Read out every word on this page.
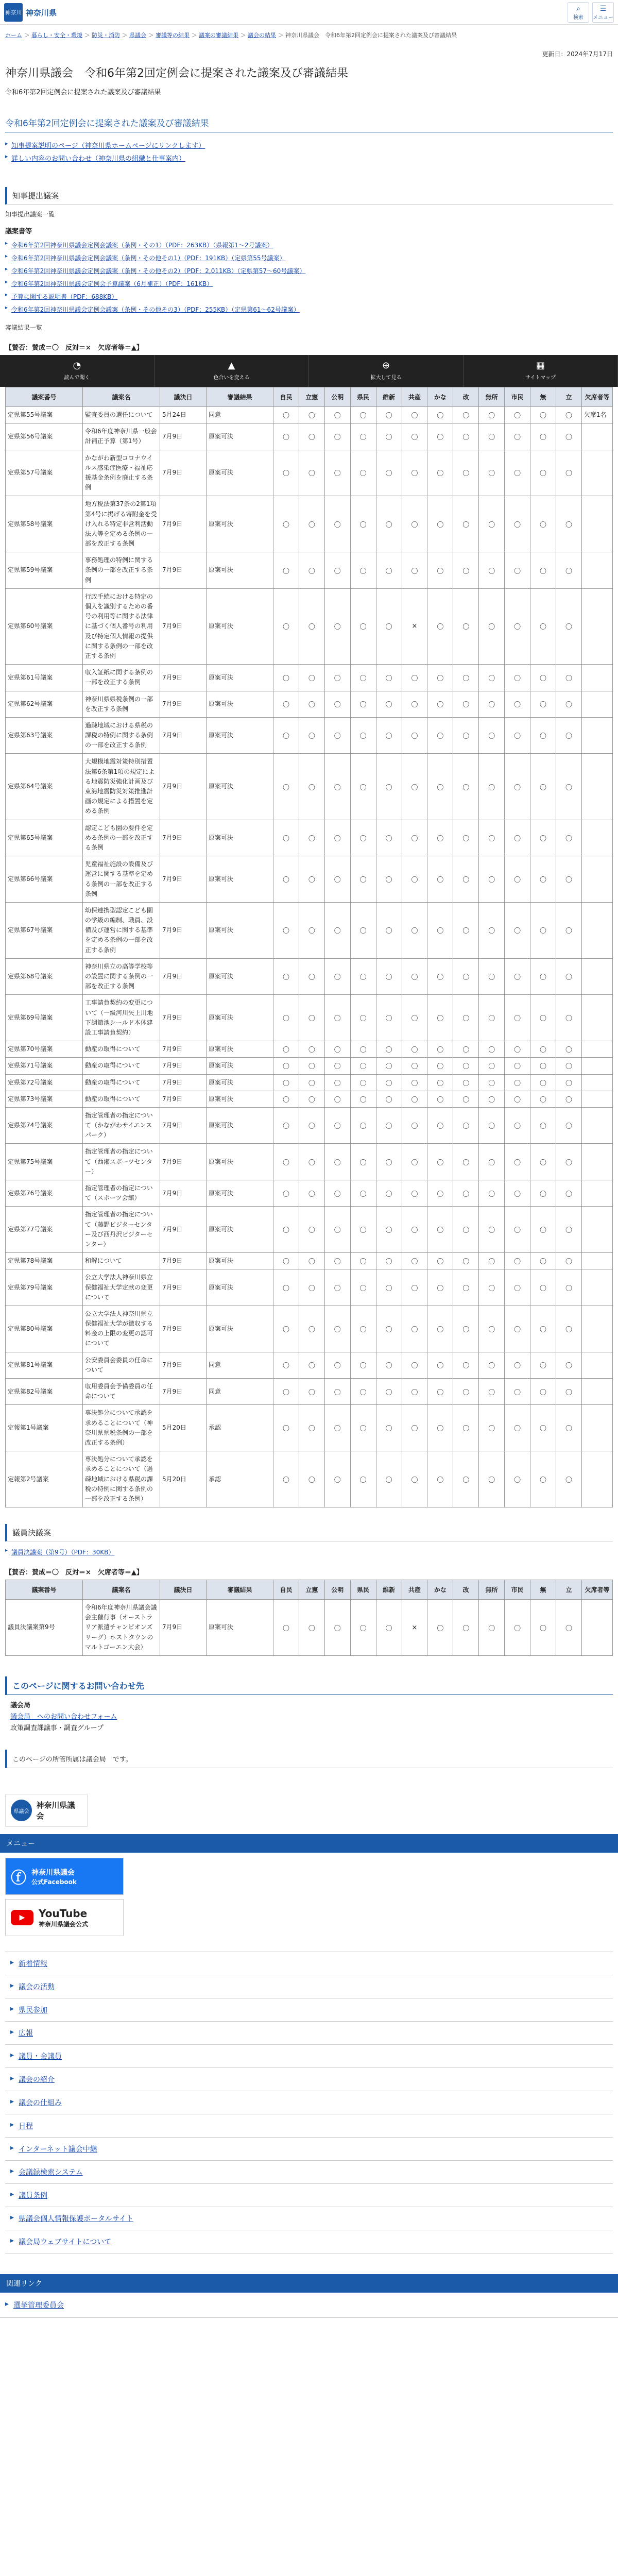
神奈川 神奈川県	⌕
検索
☰
メニュー
ホーム ＞ 暮らし・安全・環境 ＞ 防災・消防 ＞ 県議会 ＞ 審議等の結果 ＞ 議案の審議結果 ＞ 議会の結果 ＞ 神奈川県議会　令和6年第2回定例会に提案された議案及び審議結果
更新日：2024年7月17日
神奈川県議会　令和6年第2回定例会に提案された議案及び審議結果
令和6年第2回定例会に提案された議案及び審議結果
令和6年第2回定例会に提案された議案及び審議結果
▸ 知事提案説明のページ（神奈川県ホームページにリンクします）
▸ 詳しい内容のお問い合わせ（神奈川県の組織と仕事案内）
知事提出議案
知事提出議案一覧
議案書等
▸ 令和6年第2回神奈川県議会定例会議案（条例・その1）（PDF：263KB）（県報第1～2号議案）
▸ 令和6年第2回神奈川県議会定例会議案（条例・その他その1）（PDF：191KB）（定県第55号議案）
▸ 令和6年第2回神奈川県議会定例会議案（条例・その他その2）（PDF：2,011KB）（定県第57～60号議案）
▸ 令和6年第2回神奈川県議会定例会予算議案（6月補正）（PDF：161KB）
▸ 予算に関する説明書（PDF：688KB）
▸ 令和6年第2回神奈川県議会定例会議案（条例・その他その3）（PDF：255KB）（定県第61～62号議案）
審議結果一覧
【賛否：賛成＝〇　反対＝×　欠席者等＝▲】
◔
読んで聞く
▲
色合いを変える
⊕
拡大して見る
▦
サイトマップ
議案番号	議案名	議決日	審議結果	自民	立憲	公明	県民	維新	共産	かな	改	無所	市民	無	立	欠席者等
定県第55号議案	監査委員の選任について	5月24日	同意	〇	〇	〇	〇	〇	〇	〇	〇	〇	〇	〇	〇	欠席1名
定県第56号議案	令和6年度神奈川県一般会計補正予算（第1号）	7月9日	原案可決	〇	〇	〇	〇	〇	〇	〇	〇	〇	〇	〇	〇	
定県第57号議案	かながわ新型コロナウイルス感染症医療・福祉応援基金条例を廃止する条例	7月9日	原案可決	〇	〇	〇	〇	〇	〇	〇	〇	〇	〇	〇	〇	
定県第58号議案	地方税法第37条の2第1項第4号に掲げる寄附金を受け入れる特定非営利活動法人等を定める条例の一部を改正する条例	7月9日	原案可決	〇	〇	〇	〇	〇	〇	〇	〇	〇	〇	〇	〇	
定県第59号議案	事務処理の特例に関する条例の一部を改正する条例	7月9日	原案可決	〇	〇	〇	〇	〇	〇	〇	〇	〇	〇	〇	〇	
定県第60号議案	行政手続における特定の個人を識別するための番号の利用等に関する法律に基づく個人番号の利用及び特定個人情報の提供に関する条例の一部を改正する条例	7月9日	原案可決	〇	〇	〇	〇	〇	×	〇	〇	〇	〇	〇	〇	
定県第61号議案	収入証紙に関する条例の一部を改正する条例	7月9日	原案可決	〇	〇	〇	〇	〇	〇	〇	〇	〇	〇	〇	〇	
定県第62号議案	神奈川県県税条例の一部を改正する条例	7月9日	原案可決	〇	〇	〇	〇	〇	〇	〇	〇	〇	〇	〇	〇	
定県第63号議案	過疎地域における県税の課税の特例に関する条例の一部を改正する条例	7月9日	原案可決	〇	〇	〇	〇	〇	〇	〇	〇	〇	〇	〇	〇	
定県第64号議案	大規模地震対策特別措置法第6条第1項の規定による地震防災強化計画及び東海地震防災対策推進計画の規定による措置を定める条例	7月9日	原案可決	〇	〇	〇	〇	〇	〇	〇	〇	〇	〇	〇	〇	
定県第65号議案	認定こども園の要件を定める条例の一部を改正する条例	7月9日	原案可決	〇	〇	〇	〇	〇	〇	〇	〇	〇	〇	〇	〇	
定県第66号議案	児童福祉施設の設備及び運営に関する基準を定める条例の一部を改正する条例	7月9日	原案可決	〇	〇	〇	〇	〇	〇	〇	〇	〇	〇	〇	〇	
定県第67号議案	幼保連携型認定こども園の学級の編制、職員、設備及び運営に関する基準を定める条例の一部を改正する条例	7月9日	原案可決	〇	〇	〇	〇	〇	〇	〇	〇	〇	〇	〇	〇	
定県第68号議案	神奈川県立の高等学校等の設置に関する条例の一部を改正する条例	7月9日	原案可決	〇	〇	〇	〇	〇	〇	〇	〇	〇	〇	〇	〇	
定県第69号議案	工事請負契約の変更について（一級河川矢上川地下調節池シールド本体建設工事請負契約）	7月9日	原案可決	〇	〇	〇	〇	〇	〇	〇	〇	〇	〇	〇	〇	
定県第70号議案	動産の取得について	7月9日	原案可決	〇	〇	〇	〇	〇	〇	〇	〇	〇	〇	〇	〇	
定県第71号議案	動産の取得について	7月9日	原案可決	〇	〇	〇	〇	〇	〇	〇	〇	〇	〇	〇	〇	
定県第72号議案	動産の取得について	7月9日	原案可決	〇	〇	〇	〇	〇	〇	〇	〇	〇	〇	〇	〇	
定県第73号議案	動産の取得について	7月9日	原案可決	〇	〇	〇	〇	〇	〇	〇	〇	〇	〇	〇	〇	
定県第74号議案	指定管理者の指定について（かながわサイエンスパーク）	7月9日	原案可決	〇	〇	〇	〇	〇	〇	〇	〇	〇	〇	〇	〇	
定県第75号議案	指定管理者の指定について（西湘スポーツセンター）	7月9日	原案可決	〇	〇	〇	〇	〇	〇	〇	〇	〇	〇	〇	〇	
定県第76号議案	指定管理者の指定について（スポーツ会館）	7月9日	原案可決	〇	〇	〇	〇	〇	〇	〇	〇	〇	〇	〇	〇	
定県第77号議案	指定管理者の指定について（藤野ビジターセンター及び西丹沢ビジターセンター）	7月9日	原案可決	〇	〇	〇	〇	〇	〇	〇	〇	〇	〇	〇	〇	
定県第78号議案	和解について	7月9日	原案可決	〇	〇	〇	〇	〇	〇	〇	〇	〇	〇	〇	〇	
定県第79号議案	公立大学法人神奈川県立保健福祉大学定款の変更について	7月9日	原案可決	〇	〇	〇	〇	〇	〇	〇	〇	〇	〇	〇	〇	
定県第80号議案	公立大学法人神奈川県立保健福祉大学が徴収する料金の上限の変更の認可について	7月9日	原案可決	〇	〇	〇	〇	〇	〇	〇	〇	〇	〇	〇	〇	
定県第81号議案	公安委員会委員の任命について	7月9日	同意	〇	〇	〇	〇	〇	〇	〇	〇	〇	〇	〇	〇	
定県第82号議案	収用委員会予備委員の任命について	7月9日	同意	〇	〇	〇	〇	〇	〇	〇	〇	〇	〇	〇	〇	
定報第1号議案	専決処分について承認を求めることについて（神奈川県県税条例の一部を改正する条例）	5月20日	承認	〇	〇	〇	〇	〇	〇	〇	〇	〇	〇	〇	〇	
定報第2号議案	専決処分について承認を求めることについて（過疎地域における県税の課税の特例に関する条例の一部を改正する条例）	5月20日	承認	〇	〇	〇	〇	〇	〇	〇	〇	〇	〇	〇	〇	
議員決議案
▸ 議員決議案（第9号）（PDF：30KB）
【賛否：賛成＝〇　反対＝×　欠席者等＝▲】
議案番号	議案名	議決日	審議結果	自民	立憲	公明	県民	維新	共産	かな	改	無所	市民	無	立	欠席者等
議員決議案第9号	令和6年度神奈川県議会議会主催行事（オーストラリア派遣チャンピオンズリーグ）ホストタウンのマルトゴーエン大会）	7月9日	原案可決	〇	〇	〇	〇	〇	×	〇	〇	〇	〇	〇	〇	
このページに関するお問い合わせ先
議会局
議会局　へのお問い合わせフォーム
政策調査課議事・調査グループ
このページの所管所属は議会局　です。
県議会
神奈川県議会
メニュー
ⓕ 神奈川県議会
公式Facebook
▶	YouTube
神奈川県議会公式
▸ 新着情報
▸ 議会の活動
▸ 県民参加
▸ 広報
▸ 議員・会議員
▸ 議会の紹介
▸ 議会の仕組み
▸ 日程
▸ インターネット議会中継
▸ 会議録検索システム
▸ 議員条例
▸ 県議会個人情報保護ポータルサイト
▸ 議会局ウェブサイトについて
関連リンク
▸ 選挙管理委員会
